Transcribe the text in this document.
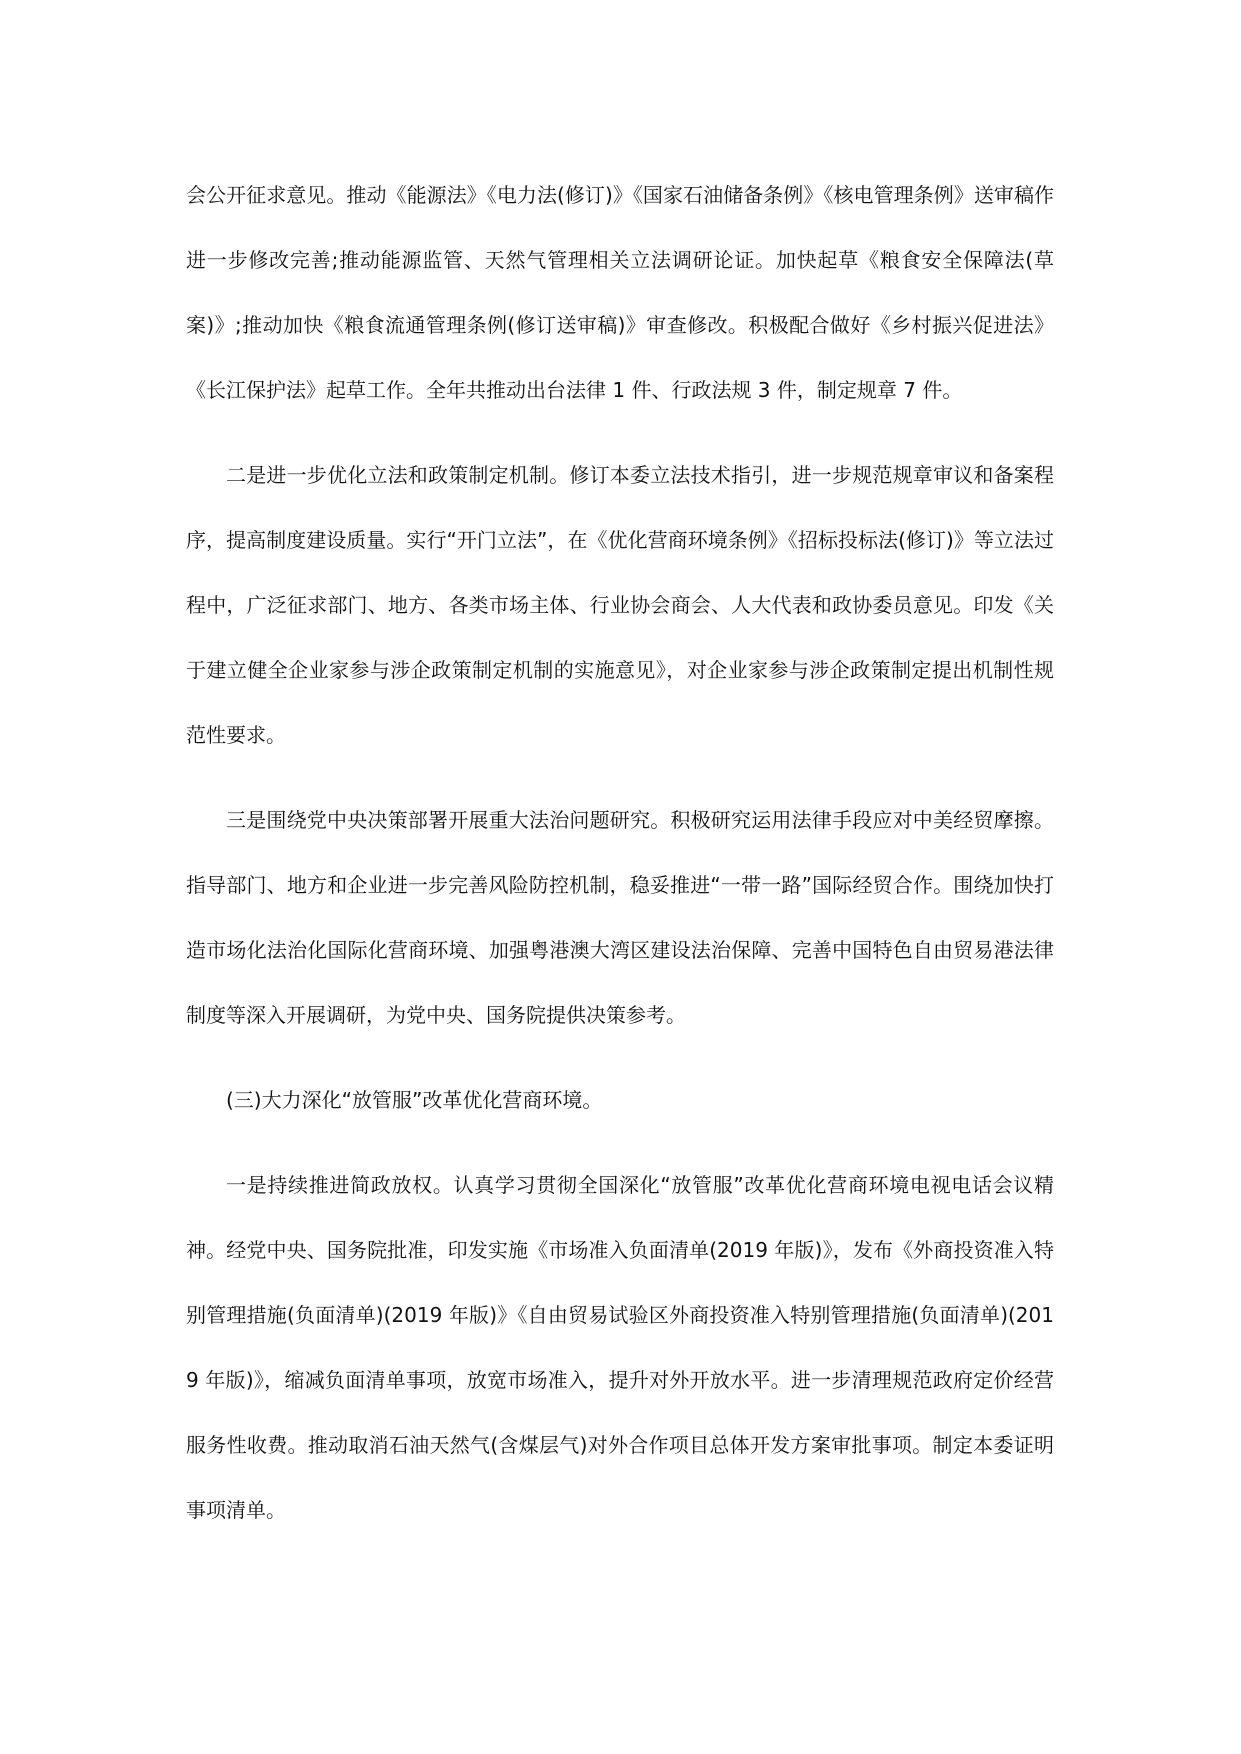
会公开征求意见。推动《能源法》《电力法(修订)》《国家石油储备条例》《核电管理条例》送审稿作进一步修改完善;推动能源监管、天然气管理相关立法调研论证。加快起草《粮食安全保障法(草案)》;推动加快《粮食流通管理条例(修订送审稿)》审查修改。积极配合做好《乡村振兴促进法》《长江保护法》起草工作。全年共推动出台法律 1 件、行政法规 3 件，制定规章 7 件。

二是进一步优化立法和政策制定机制。修订本委立法技术指引，进一步规范规章审议和备案程序，提高制度建设质量。实行“开门立法”，在《优化营商环境条例》《招标投标法(修订)》等立法过程中，广泛征求部门、地方、各类市场主体、行业协会商会、人大代表和政协委员意见。印发《关于建立健全企业家参与涉企政策制定机制的实施意见》，对企业家参与涉企政策制定提出机制性规范性要求。

三是围绕党中央决策部署开展重大法治问题研究。积极研究运用法律手段应对中美经贸摩擦。指导部门、地方和企业进一步完善风险防控机制，稳妥推进“一带一路”国际经贸合作。围绕加快打造市场化法治化国际化营商环境、加强粤港澳大湾区建设法治保障、完善中国特色自由贸易港法律制度等深入开展调研，为党中央、国务院提供决策参考。

(三)大力深化“放管服”改革优化营商环境。

一是持续推进简政放权。认真学习贯彻全国深化“放管服”改革优化营商环境电视电话会议精神。经党中央、国务院批准，印发实施《市场准入负面清单(2019 年版)》，发布《外商投资准入特别管理措施(负面清单)(2019 年版)》《自由贸易试验区外商投资准入特别管理措施(负面清单)(2019 年版)》，缩减负面清单事项，放宽市场准入，提升对外开放水平。进一步清理规范政府定价经营服务性收费。推动取消石油天然气(含煤层气)对外合作项目总体开发方案审批事项。制定本委证明事项清单。
